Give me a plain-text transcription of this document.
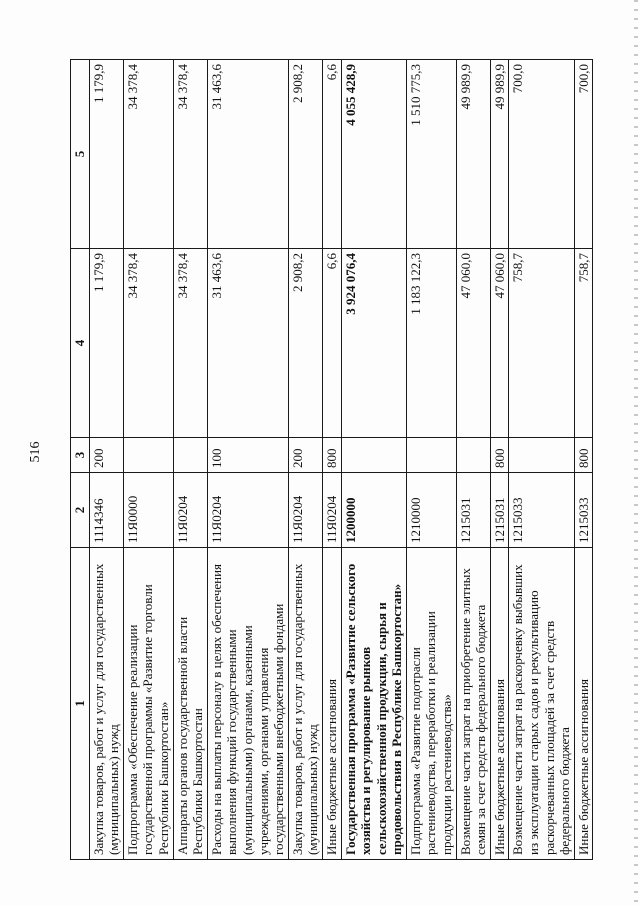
516
1	2	3	4	5
Закупка товаров, работ и услуг для государственных (муниципальных) нужд	1114346	200	1 179,9	1 179,9
Подпрограмма «Обеспечение реализации государственной программы «Развитие торговли Республики Башкортостан»	11Я0000		34 378,4	34 378,4
Аппараты органов государственной власти Республики Башкортостан	11Я0204		34 378,4	34 378,4
Расходы на выплаты персоналу в целях обеспечения выполнения функций государственными (муниципальными) органами, казенными учреждениями, органами управления государственными внебюджетными фондами	11Я0204	100	31 463,6	31 463,6
Закупка товаров, работ и услуг для государственных (муниципальных) нужд	11Я0204	200	2 908,2	2 908,2
Иные бюджетные ассигнования	11Я0204	800	6,6	6,6
Государственная программа «Развитие сельского хозяйства и регулирование рынков сельскохозяйственной продукции, сырья и продовольствия в Республике Башкортостан»	1200000		3 924 076,4	4 055 428,9
Подпрограмма «Развитие подотрасли растениеводства, переработки и реализации продукции растениеводства»	1210000		1 183 122,3	1 510 775,3
Возмещение части затрат на приобретение элитных семян за счет средств федерального бюджета	1215031		47 060,0	49 989,9
Иные бюджетные ассигнования	1215031	800	47 060,0	49 989,9
Возмещение части затрат на раскорчевку выбывших из эксплуатации старых садов и рекультивацию раскорчеванных площадей за счет средств федерального бюджета	1215033		758,7	700,0
Иные бюджетные ассигнования	1215033	800	758,7	700,0
